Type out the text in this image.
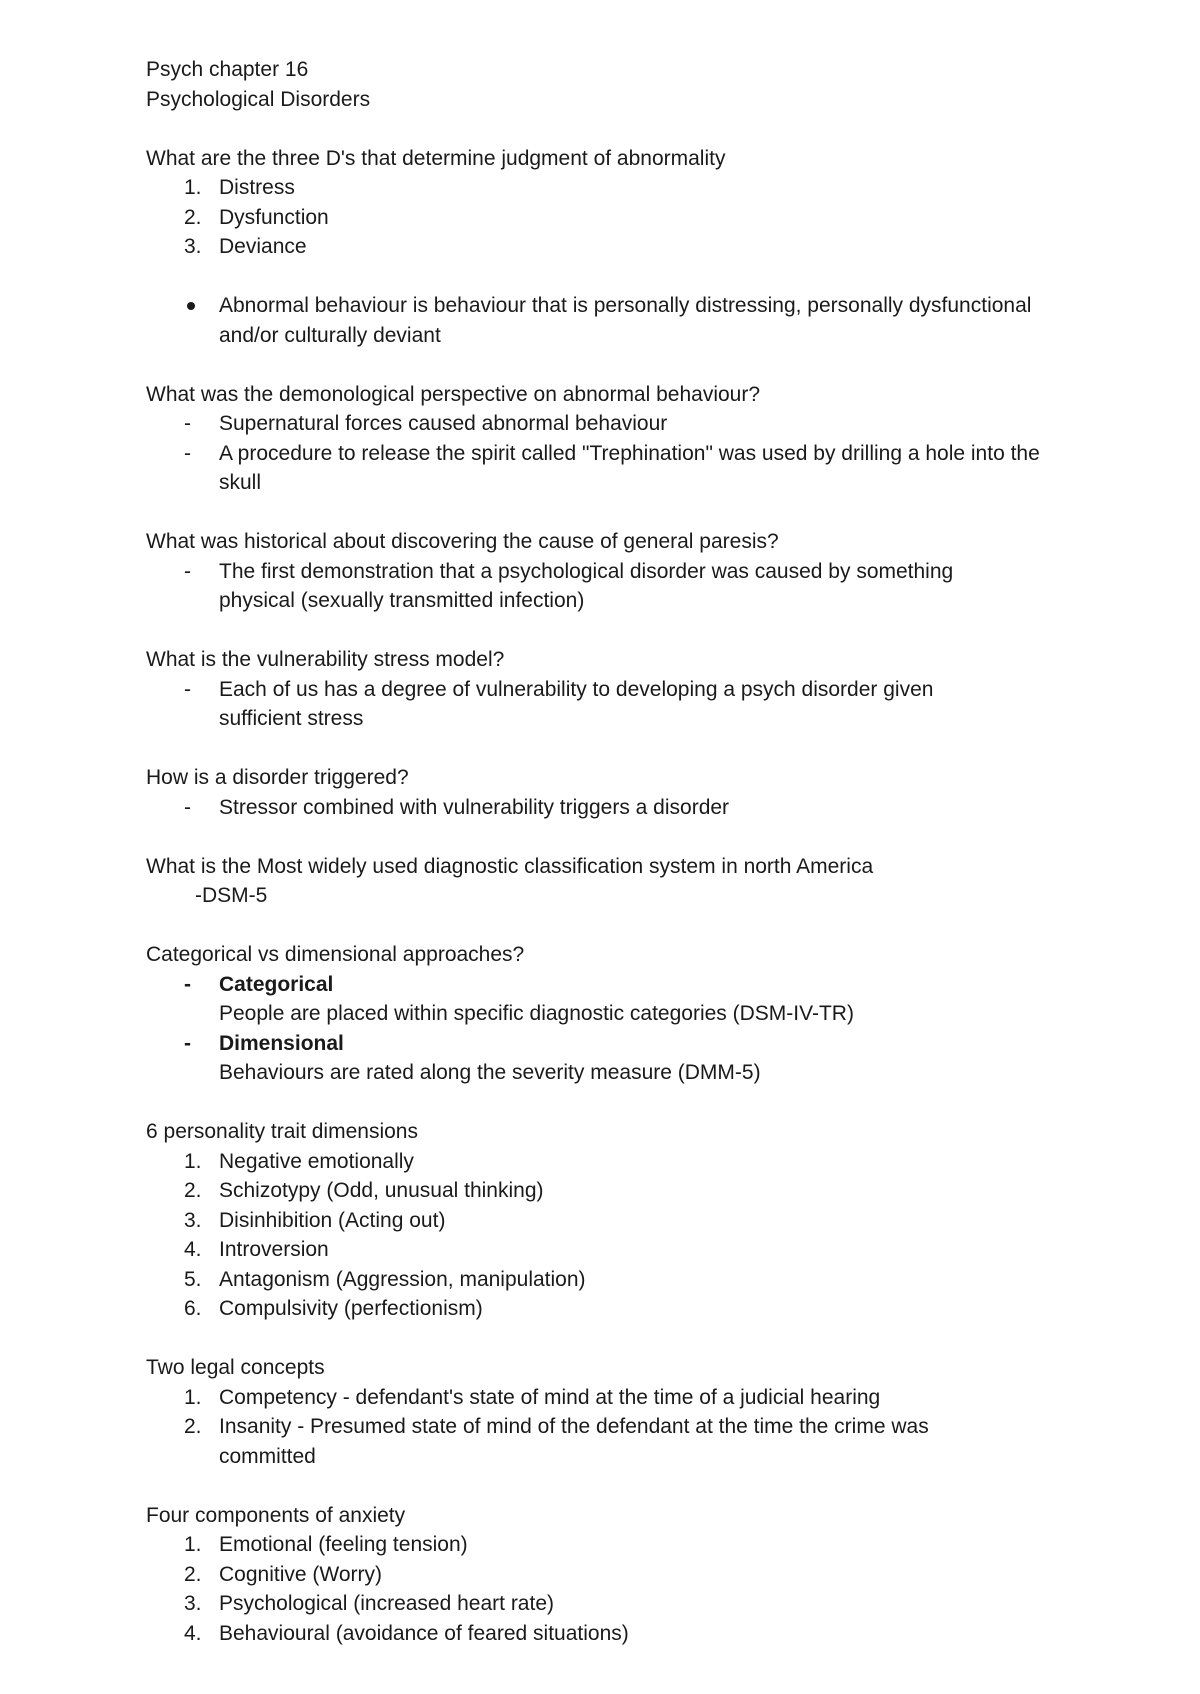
Psych chapter 16
Psychological Disorders
What are the three D's that determine judgment of abnormality
1. Distress
2. Dysfunction
3. Deviance
Abnormal behaviour is behaviour that is personally distressing, personally dysfunctional and/or culturally deviant
What was the demonological perspective on abnormal behaviour?
-	Supernatural forces caused abnormal behaviour
-	A procedure to release the spirit called "Trephination" was used by drilling a hole into the skull
What was historical about discovering the cause of general paresis?
-	The first demonstration that a psychological disorder was caused by something physical (sexually transmitted infection)
What is the vulnerability stress model?
-	Each of us has a degree of vulnerability to developing a psych disorder given sufficient stress
How is a disorder triggered?
-	Stressor combined with vulnerability triggers a disorder
What is the Most widely used diagnostic classification system in north America
-DSM-5
Categorical vs dimensional approaches?
-	Categorical
People are placed within specific diagnostic categories (DSM-IV-TR)
-	Dimensional
Behaviours are rated along the severity measure (DMM-5)
6 personality trait dimensions
1. Negative emotionally
2. Schizotypy (Odd, unusual thinking)
3. Disinhibition (Acting out)
4. Introversion
5. Antagonism (Aggression, manipulation)
6. Compulsivity (perfectionism)
Two legal concepts
1. Competency - defendant's state of mind at the time of a judicial hearing
2. Insanity - Presumed state of mind of the defendant at the time the crime was committed
Four components of anxiety
1. Emotional (feeling tension)
2. Cognitive (Worry)
3. Psychological (increased heart rate)
4. Behavioural (avoidance of feared situations)
